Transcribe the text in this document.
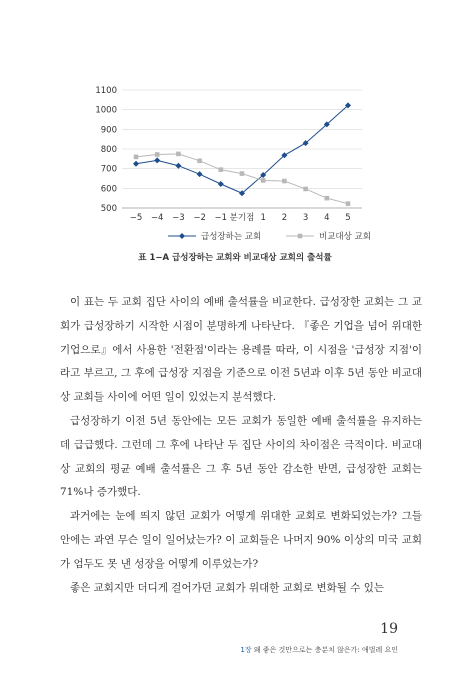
500
600
700
800
900
1000
1100
−5 −4 −3 −2 −1 분기점 1 2 3 4 5
급성장하는 교회	비교대상 교회
표 1−A 급성장하는 교회와 비교대상 교회의 출석률

이 표는 두 교회 집단 사이의 예배 출석률을 비교한다. 급성장한 교회는 그 교회가 급성장하기 시작한 시점이 분명하게 나타난다. 『좋은 기업을 넘어 위대한 기업으로』에서 사용한 '전환점'이라는 용례를 따라, 이 시점을 '급성장 지점'이라고 부르고, 그 후에 급성장 지점을 기준으로 이전 5년과 이후 5년 동안 비교대상 교회들 사이에 어떤 일이 있었는지 분석했다.

급성장하기 이전 5년 동안에는 모든 교회가 동일한 예배 출석률을 유지하는 데 급급했다. 그런데 그 후에 나타난 두 집단 사이의 차이점은 극적이다. 비교대상 교회의 평균 예배 출석률은 그 후 5년 동안 감소한 반면, 급성장한 교회는 71%나 증가했다.

과거에는 눈에 띄지 않던 교회가 어떻게 위대한 교회로 변화되었는가? 그들 안에는 과연 무슨 일이 일어났는가? 이 교회들은 나머지 90% 이상의 미국 교회가 엄두도 못 낸 성장을 어떻게 이루었는가?

좋은 교회지만 더디게 걸어가던 교회가 위대한 교회로 변화될 수 있는

19
1장 왜 좋은 것만으로는 충분치 않은가: 애벌레 요인
